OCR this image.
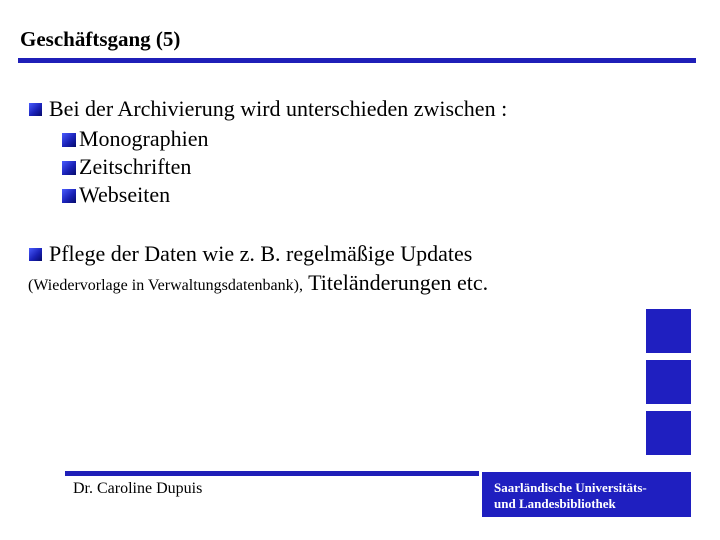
Geschäftsgang (5)
Bei der Archivierung wird unterschieden zwischen :
Monographien
Zeitschriften
Webseiten
Pflege der Daten wie z. B. regelmäßige Updates
(Wiedervorlage in Verwaltungsdatenbank), Titeländerungen etc.
Dr. Caroline Dupuis	Saarländische Universitäts-
und Landesbibliothek
